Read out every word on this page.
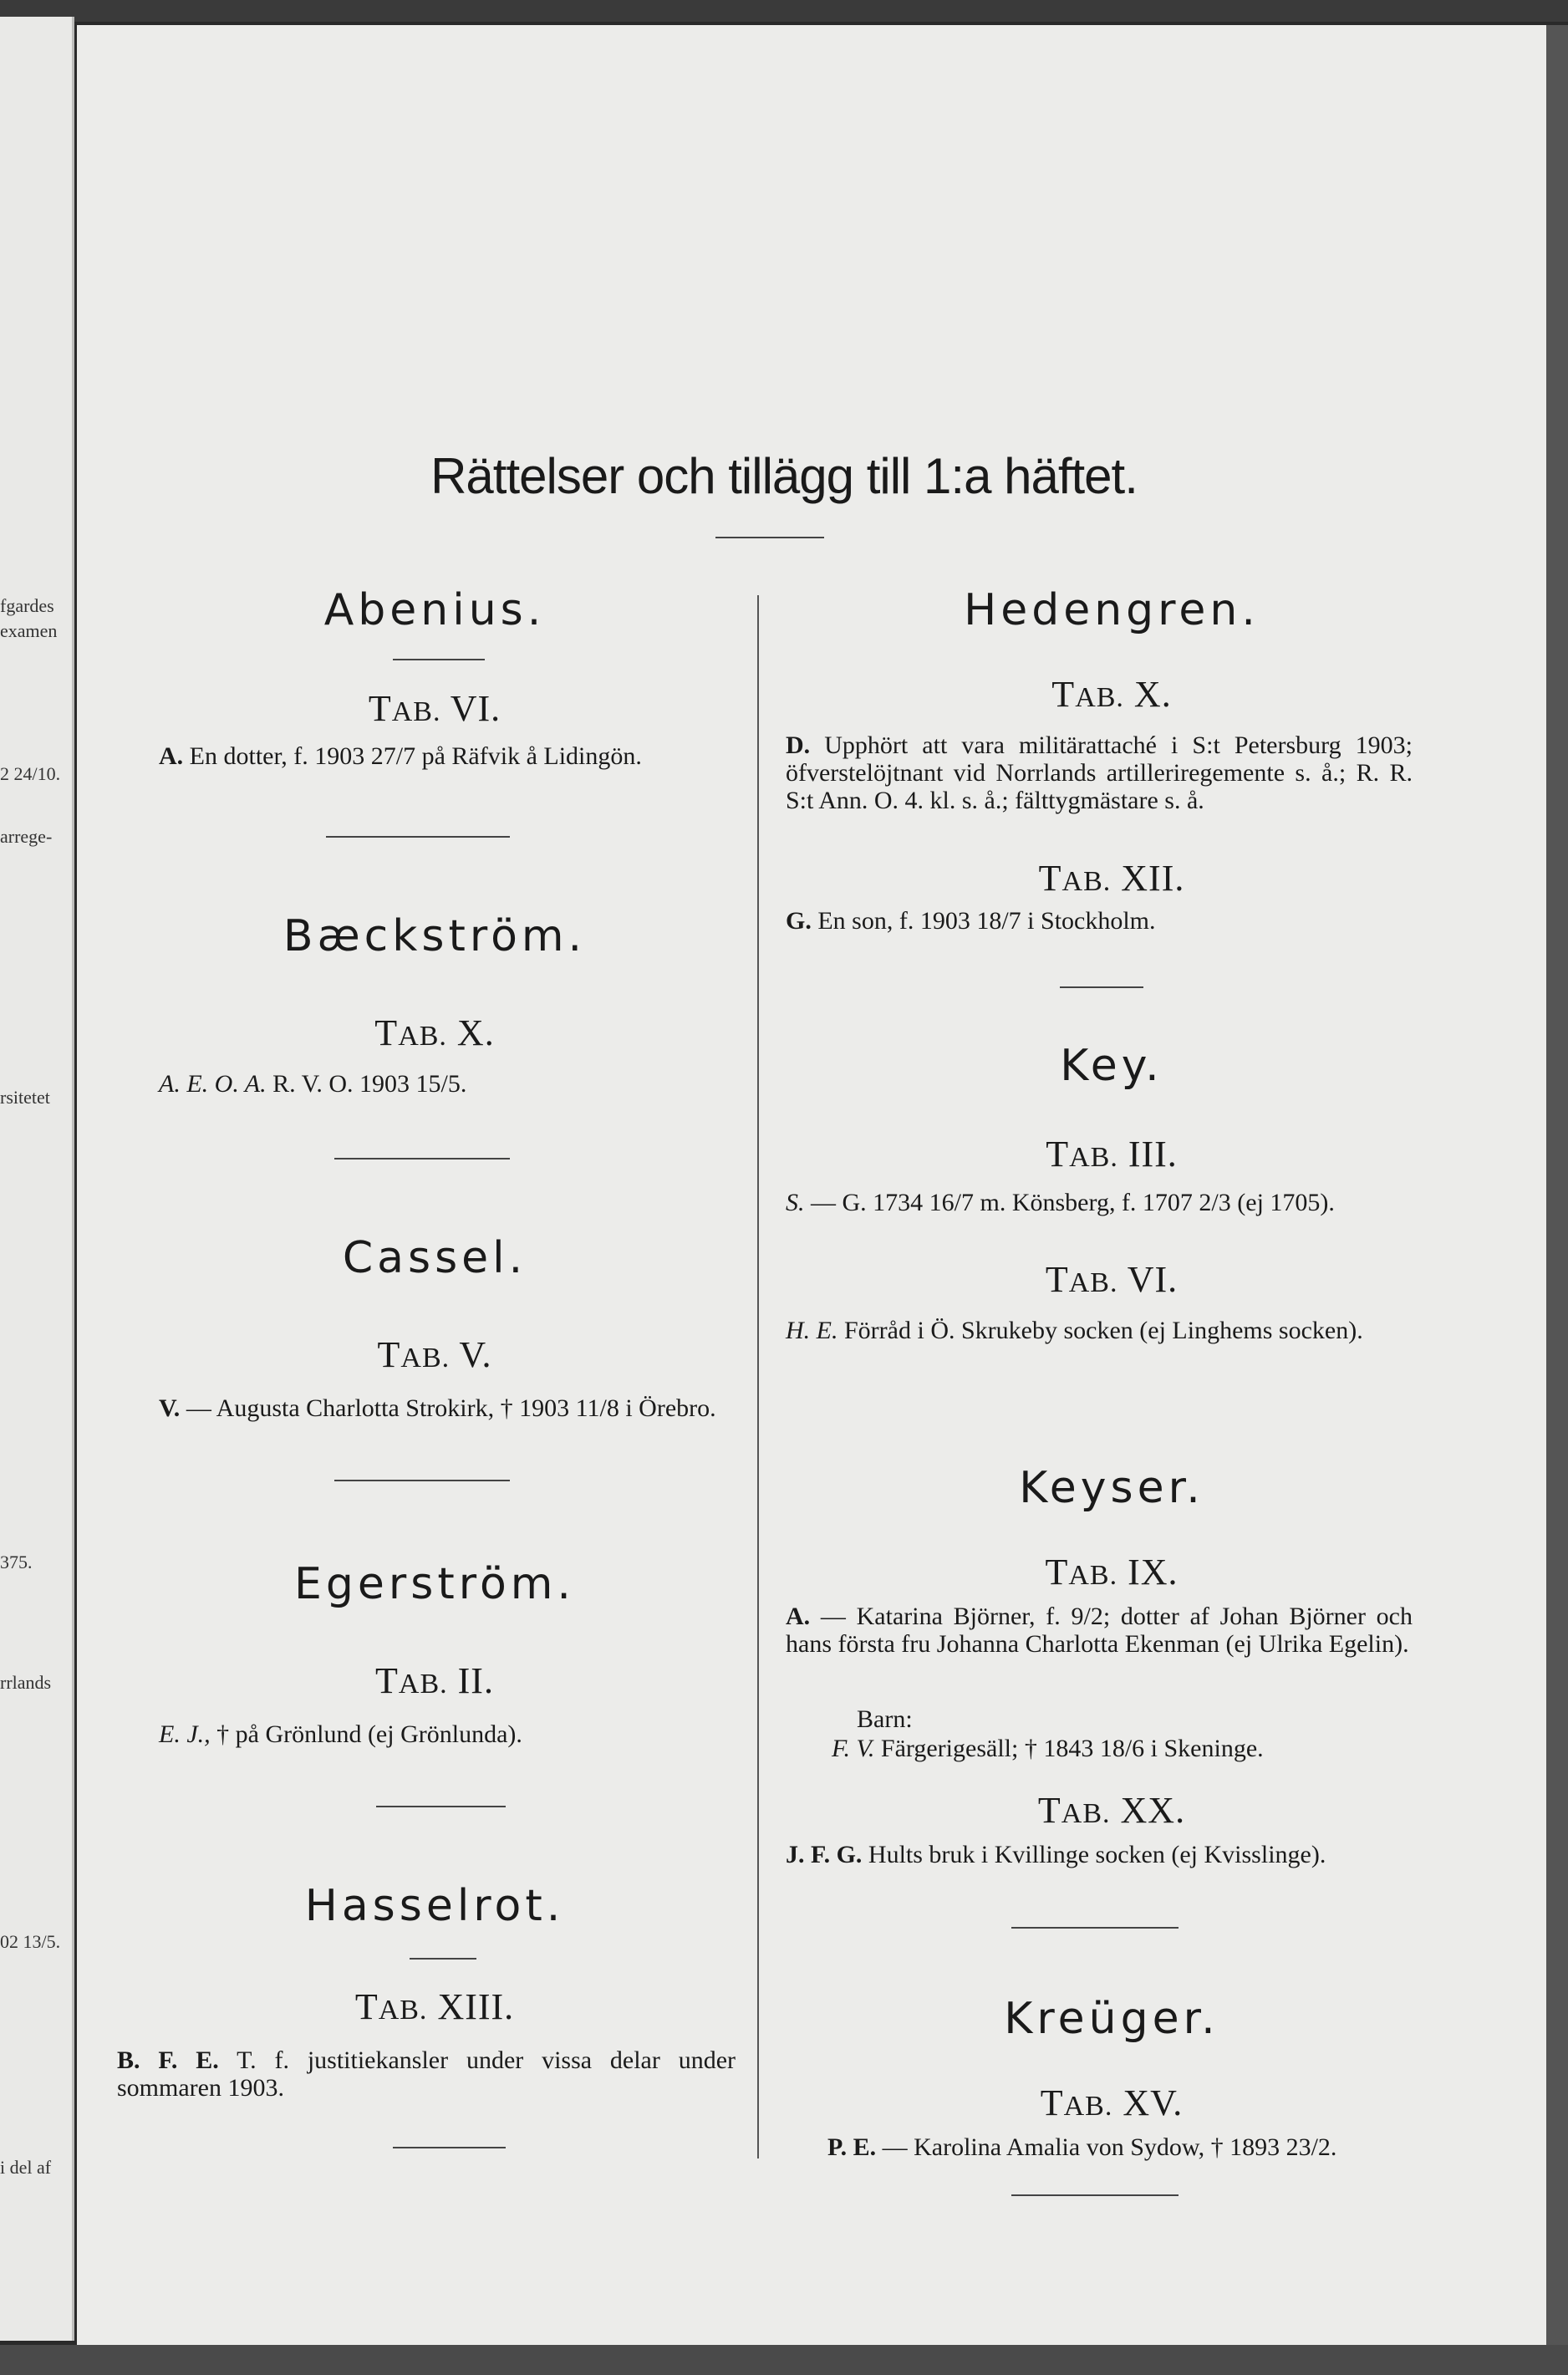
fgardes
examen
2 24/10.
arrege-
rsitetet
375.
rrlands
02 13/5.
i del af
Rättelser och tillägg till 1:a häftet.
Abenius.
TAB. VI.
A. En dotter, f. 1903 27/7 på Räfvik å Lidingön.
Bæckström.
TAB. X.
A. E. O. A. R. V. O. 1903 15/5.
Cassel.
TAB. V.
V. — Augusta Charlotta Strokirk, † 1903 11/8 i Örebro.
Egerström.
TAB. II.
E. J., † på Grönlund (ej Grönlunda).
Hasselrot.
TAB. XIII.
B. F. E. T. f. justitiekansler under vissa delar under sommaren 1903.
Hedengren.
TAB. X.
D. Upphört att vara militärattaché i S:t Petersburg 1903; öfverstelöjtnant vid Norrlands artilleriregemente s. å.; R. R. S:t Ann. O. 4. kl. s. å.; fälttygmästare s. å.
TAB. XII.
G. En son, f. 1903 18/7 i Stockholm.
Key.
TAB. III.
S. — G. 1734 16/7 m. Könsberg, f. 1707 2/3 (ej 1705).
TAB. VI.
H. E. Förråd i Ö. Skrukeby socken (ej Linghems socken).
Keyser.
TAB. IX.
A. — Katarina Björner, f. 9/2; dotter af Johan Björner och hans första fru Johanna Charlotta Ekenman (ej Ulrika Egelin).
Barn:
F. V. Färgerigesäll; † 1843 18/6 i Skeninge.
TAB. XX.
J. F. G. Hults bruk i Kvillinge socken (ej Kvisslinge).
Kreüger.
TAB. XV.
P. E. — Karolina Amalia von Sydow, † 1893 23/2.
